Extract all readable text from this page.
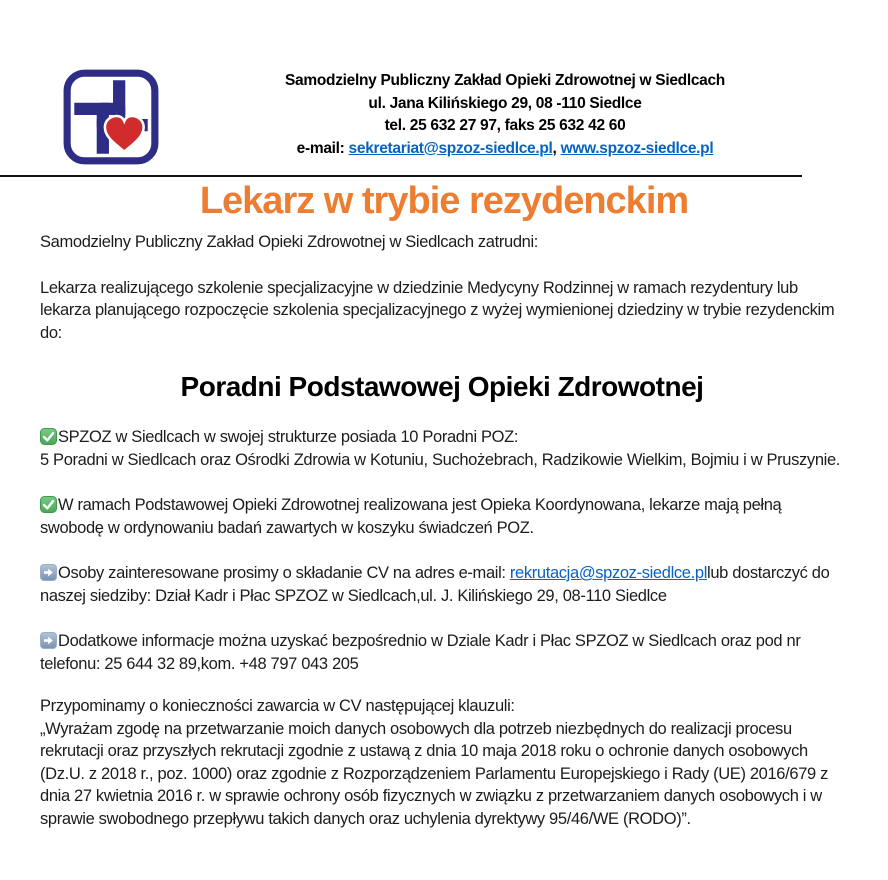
Samodzielny Publiczny Zakład Opieki Zdrowotnej w Siedlcach
ul. Jana Kilińskiego 29, 08 -110 Siedlce
tel. 25 632 27 97, faks 25 632 42 60
e-mail: sekretariat@spzoz-siedlce.pl, www.spzoz-siedlce.pl
Lekarz w trybie rezydenckim

Samodzielny Publiczny Zakład Opieki Zdrowotnej w Siedlcach zatrudni:

Lekarza realizującego szkolenie specjalizacyjne w dziedzinie Medycyny Rodzinnej w ramach rezydentury lub lekarza planującego rozpoczęcie szkolenia specjalizacyjnego z wyżej wymienionej dziedziny w trybie rezydenckim do:

Poradni Podstawowej Opieki Zdrowotnej

SPZOZ w Siedlcach w swojej strukturze posiada 10 Poradni POZ:
5 Poradni w Siedlcach oraz Ośrodki Zdrowia w Kotuniu, Suchożebrach, Radzikowie Wielkim, Bojmiu i w Pruszynie.

W ramach Podstawowej Opieki Zdrowotnej realizowana jest Opieka Koordynowana, lekarze mają pełną swobodę w ordynowaniu badań zawartych w koszyku świadczeń POZ.

Osoby zainteresowane prosimy o składanie CV na adres e-mail: rekrutacja@spzoz-siedlce.pllub dostarczyć do naszej siedziby: Dział Kadr i Płac SPZOZ w Siedlcach,ul. J. Kilińskiego 29, 08-110 Siedlce

Dodatkowe informacje można uzyskać bezpośrednio w Dziale Kadr i Płac SPZOZ w Siedlcach oraz pod nr telefonu: 25 644 32 89,kom. +48 797 043 205

Przypominamy o konieczności zawarcia w CV następującej klauzuli:
„Wyrażam zgodę na przetwarzanie moich danych osobowych dla potrzeb niezbędnych do realizacji procesu rekrutacji oraz przyszłych rekrutacji zgodnie z ustawą z dnia 10 maja 2018 roku o ochronie danych osobowych (Dz.U. z 2018 r., poz. 1000) oraz zgodnie z Rozporządzeniem Parlamentu Europejskiego i Rady (UE) 2016/679 z dnia 27 kwietnia 2016 r. w sprawie ochrony osób fizycznych w związku z przetwarzaniem danych osobowych i w sprawie swobodnego przepływu takich danych oraz uchylenia dyrektywy 95/46/WE (RODO)”.
